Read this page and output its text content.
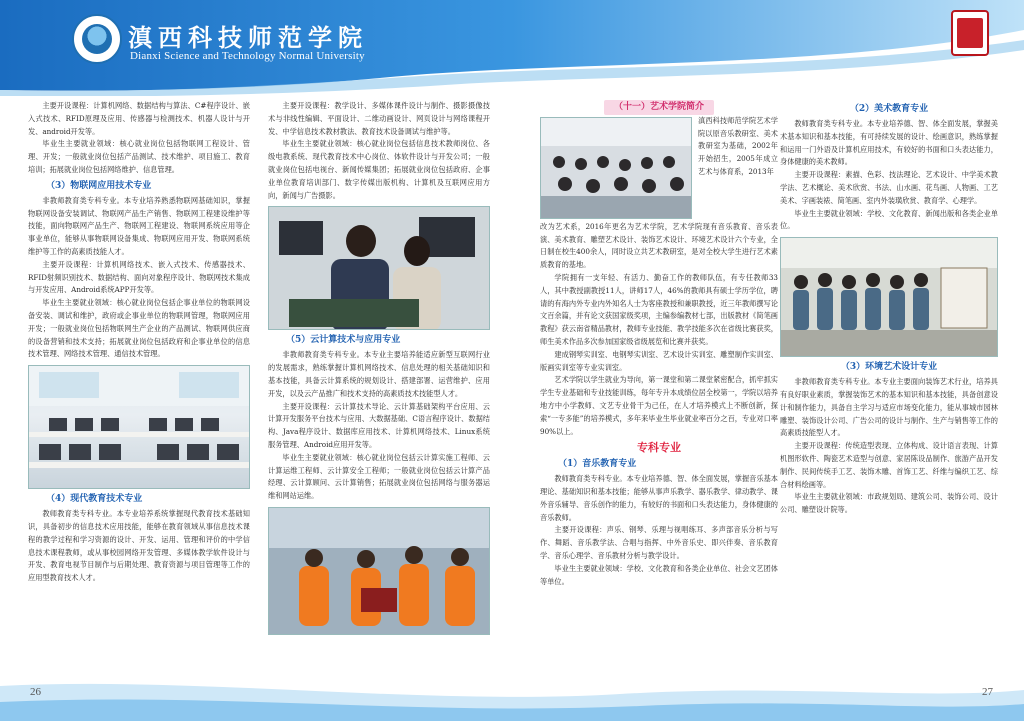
滇西科技师范学院
Dianxi Science and Technology Normal University

主要开设课程：计算机网络、数据结构与算法、C#程序设计、嵌入式技术、RFID原理及应用、传感器与检测技术、机器人设计与开发、android开发等。

毕业生主要就业领域：核心就业岗位包括物联网工程设计、管理、开发；一般就业岗位包括产品测试、技术维护、项目施工、教育培训；拓展就业岗位包括网络维护、信息管理。

（3）物联网应用技术专业

非教师教育类专科专业。本专业培养熟悉物联网基础知识，掌握物联网设备安装调试、物联网产品生产销售、物联网工程建设维护等技能，面向物联网产品生产、物联网工程建设、物联网系统应用等企事业单位，能够从事物联网设备集成、物联网应用开发、物联网系统维护等工作的高素质技能人才。

主要开设课程：计算机网络技术、嵌入式技术、传感器技术、RFID射频识别技术、数据结构、面向对象程序设计、物联网技术集成与开发应用、Android系统APP开发等。

毕业生主要就业领域：核心就业岗位包括企事业单位的物联网设备安装、调试和维护，政府或企事业单位的物联网管理，物联网应用开发；一般就业岗位包括物联网生产企业的产品测试、物联网供应商的设备营销和技术支持；拓展就业岗位包括政府和企事业单位的信息技术管理、网络技术管理、通信技术管理。

（4）现代教育技术专业

教师教育类专科专业。本专业培养系统掌握现代教育技术基础知识，具备初步的信息技术应用技能，能够在教育领域从事信息技术课程的教学过程和学习资源的设计、开发、运用、管理和评价的中学信息技术课程教师，或从事校园网络开发管理、多媒体教学软件设计与开发、教育电视节目制作与后期处理、教育资源与项目管理等工作的应用型教育技术人才。

主要开设课程：教学设计、多媒体课件设计与制作、摄影摄像技术与非线性编辑、平面设计、二维动画设计、网页设计与网络课程开发、中学信息技术教材教法、教育技术设备调试与维护等。

毕业生主要就业领域：核心就业岗位包括信息技术教师岗位、各级电教系统、现代教育技术中心岗位、体软件设计与开发公司；一般就业岗位包括电视台、新闻传媒集团；拓展就业岗位包括政府、企事业单位教育培训部门、数字传媒出版机构、计算机及互联网应用方向，新闻与广告摄影。

（5）云计算技术与应用专业

非教师教育类专科专业。本专业主要培养能适应新型互联网行业的发展需求，熟练掌握计算机网络技术、信息处理的相关基础知识和基本技能，具备云计算系统的规划设计、搭建部署、运营维护、应用开发，以及云产品推广和技术支持的高素质技术技能型人才。

主要开设课程：云计算技术导论、云计算基础架构平台应用、云计算开发服务平台技术与应用、大数据基础、C语言程序设计、数据结构、Java程序设计、数据库应用技术、计算机网络技术、Linux系统服务管理、Android应用开发等。

毕业生主要就业领域：核心就业岗位包括云计算实施工程师、云计算运维工程师、云计算安全工程师；一般就业岗位包括云计算产品经理、云计算顾问、云计算销售；拓展就业岗位包括网络与服务器运维和网站运维。

（十一）艺术学院简介

滇西科技师范学院艺术学院以原音乐教研室、美术教研室为基础，2002年开始招生，2005年成立艺术与体育系，2013年

改为艺术系，2016年更名为艺术学院，艺术学院现有音乐教育、音乐表演、美术教育、雕塑艺术设计、装饰艺术设计、环境艺术设计六个专业，全日制在校生400余人，同时设立共艺术教研室，是对全校大学生进行艺术素质教育的基地。

学院拥有一支年轻、有活力、勤奋工作的教师队伍，有专任教师33人，其中教授副教授11人，讲师17人，46%的教师具有硕士学历学位，聘请的有海内外专业内外知名人士为客座教授和兼职教授，近三年教师撰写论文百余篇，并有论文获国家级奖项，主编参编教材七部，出版教材《简笔画教程》获云南省精品教材，教师专业技能、教学技能多次在省级比赛获奖，师生美术作品多次参加国家级省级展览和比赛并获奖。

建成钢琴实训室、电钢琴实训室、艺术设计实训室、雕塑制作实训室、版画实训室等专业实训室。

艺术学院以学生就业为导向，第一课堂和第二课堂紧密配合，抓牢抓实学生专业基础和专业技能训练，每年专升本成绩位居全校第一，学院以培养地方中小学教师、文艺专业骨干为己任，在人才培养模式上不断创新，探索“一专多能”的培养模式，多年来毕业生毕业就业率百分之百，专业对口率90%以上。

专科专业
（1）音乐教育专业

教师教育类专科专业。本专业培养德、智、体全面发展，掌握音乐基本理论、基础知识和基本技能；能够从事声乐教学、器乐教学、律动教学、课外音乐辅导、音乐创作的能力，有较好的书面和口头表达能力，身体健康的音乐教师。

主要开设课程：声乐、钢琴、乐理与视唱练耳、多声部音乐分析与写作、舞蹈、音乐教学法、合唱与指挥、中外音乐史、即兴伴奏、音乐教育学、音乐心理学、音乐教材分析与教学设计。

毕业生主要就业领域：学校、文化教育和各类企业单位、社会文艺团体等单位。

（2）美术教育专业

教师教育类专科专业。本专业培养德、智、体全面发展，掌握美术基本知识和基本技能，有可持续发展的设计、绘画意识，熟练掌握和运用一门外语及计算机应用技术，有较好的书面和口头表达能力，身体健康的美术教师。

主要开设课程：素描、色彩、技法理论、艺术设计、中学美术教学法、艺术概论、美术欣赏、书法、山水画、花鸟画、人物画、工艺美术、字画装裱、简笔画、室内外装璜欣赏、教育学、心理学。

毕业生主要就业领域：学校、文化教育、新闻出版和各类企业单位。

（3）环境艺术设计专业

非教师教育类专科专业。本专业主要面向装饰艺术行业，培养具有良好职业素质，掌握装饰艺术的基本知识和基本技能，具备创意设计和制作能力，具备自主学习与适应市场变化能力，能从事城市园林雕塑、装饰设计公司、广告公司的设计与制作、生产与销售等工作的高素质技能型人才。

主要开设课程：传统造型表现、立体构成、设计语言表现、计算机图形软件、陶瓷艺术造型与创意、家居陈设品制作、旅游产品开发制作、民间传统手工艺、装饰木雕、首饰工艺、纤维与编织工艺、综合材料绘画等。

毕业生主要就业领域：市政规划局、建筑公司、装饰公司、设计公司、雕塑设计院等。

26	27
